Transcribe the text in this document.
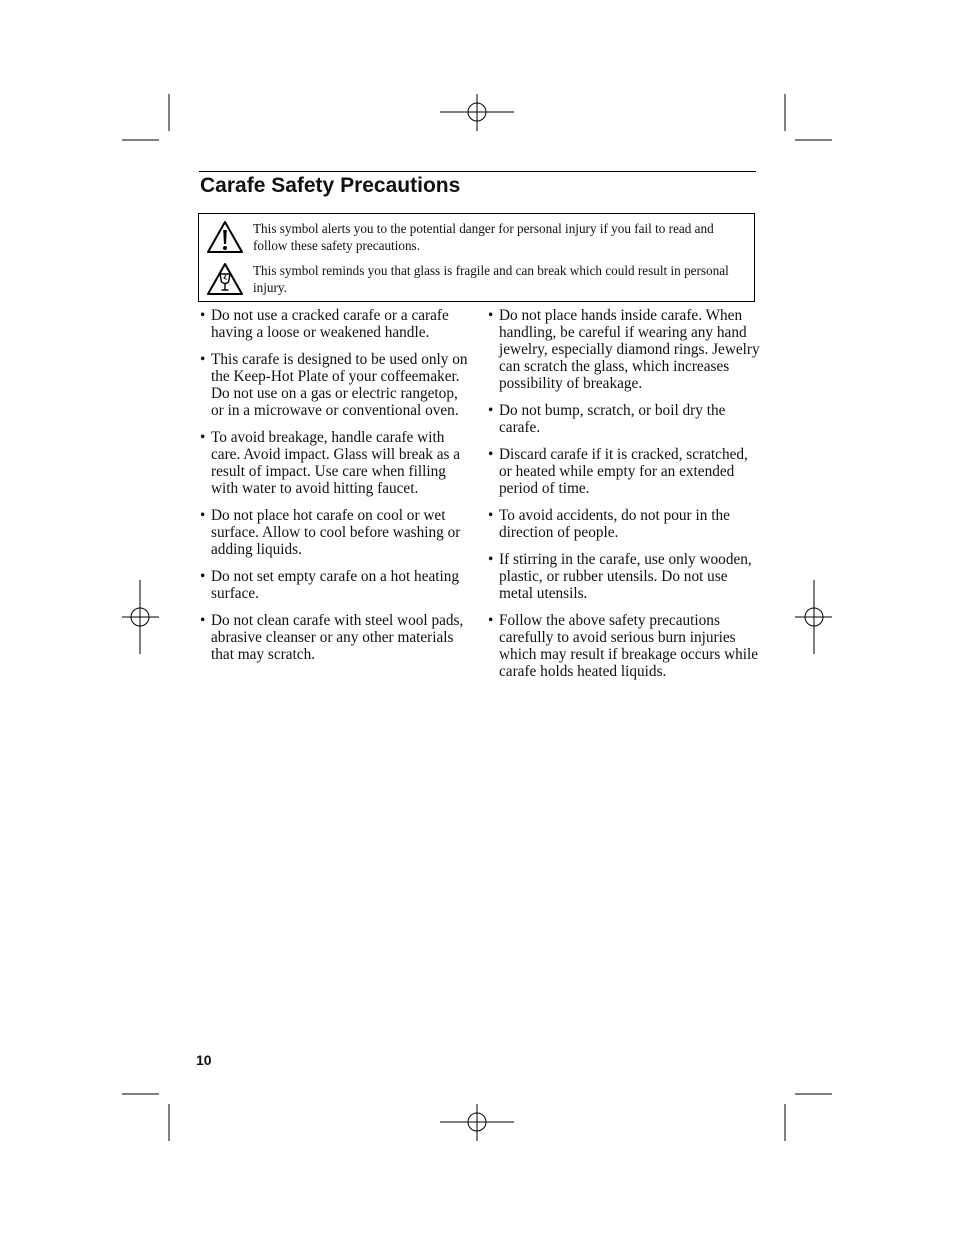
Carafe Safety Precautions

This symbol alerts you to the potential danger for personal injury if you fail to read and follow these safety precautions.

This symbol reminds you that glass is fragile and can break which could result in personal injury.

• Do not use a cracked carafe or a carafe having a loose or weakened handle.
• This carafe is designed to be used only on the Keep-Hot Plate of your coffeemaker. Do not use on a gas or electric rangetop, or in a microwave or conventional oven.
• To avoid breakage, handle carafe with care. Avoid impact. Glass will break as a result of impact. Use care when filling with water to avoid hitting faucet.
• Do not place hot carafe on cool or wet surface. Allow to cool before washing or adding liquids.
• Do not set empty carafe on a hot heating surface.
• Do not clean carafe with steel wool pads, abrasive cleanser or any other materials that may scratch.
• Do not place hands inside carafe. When handling, be careful if wearing any hand jewelry, especially diamond rings. Jewelry can scratch the glass, which increases possibility of breakage.
• Do not bump, scratch, or boil dry the carafe.
• Discard carafe if it is cracked, scratched, or heated while empty for an extended period of time.
• To avoid accidents, do not pour in the direction of people.
• If stirring in the carafe, use only wooden, plastic, or rubber utensils. Do not use metal utensils.
• Follow the above safety precautions carefully to avoid serious burn injuries which may result if breakage occurs while carafe holds heated liquids.

10
